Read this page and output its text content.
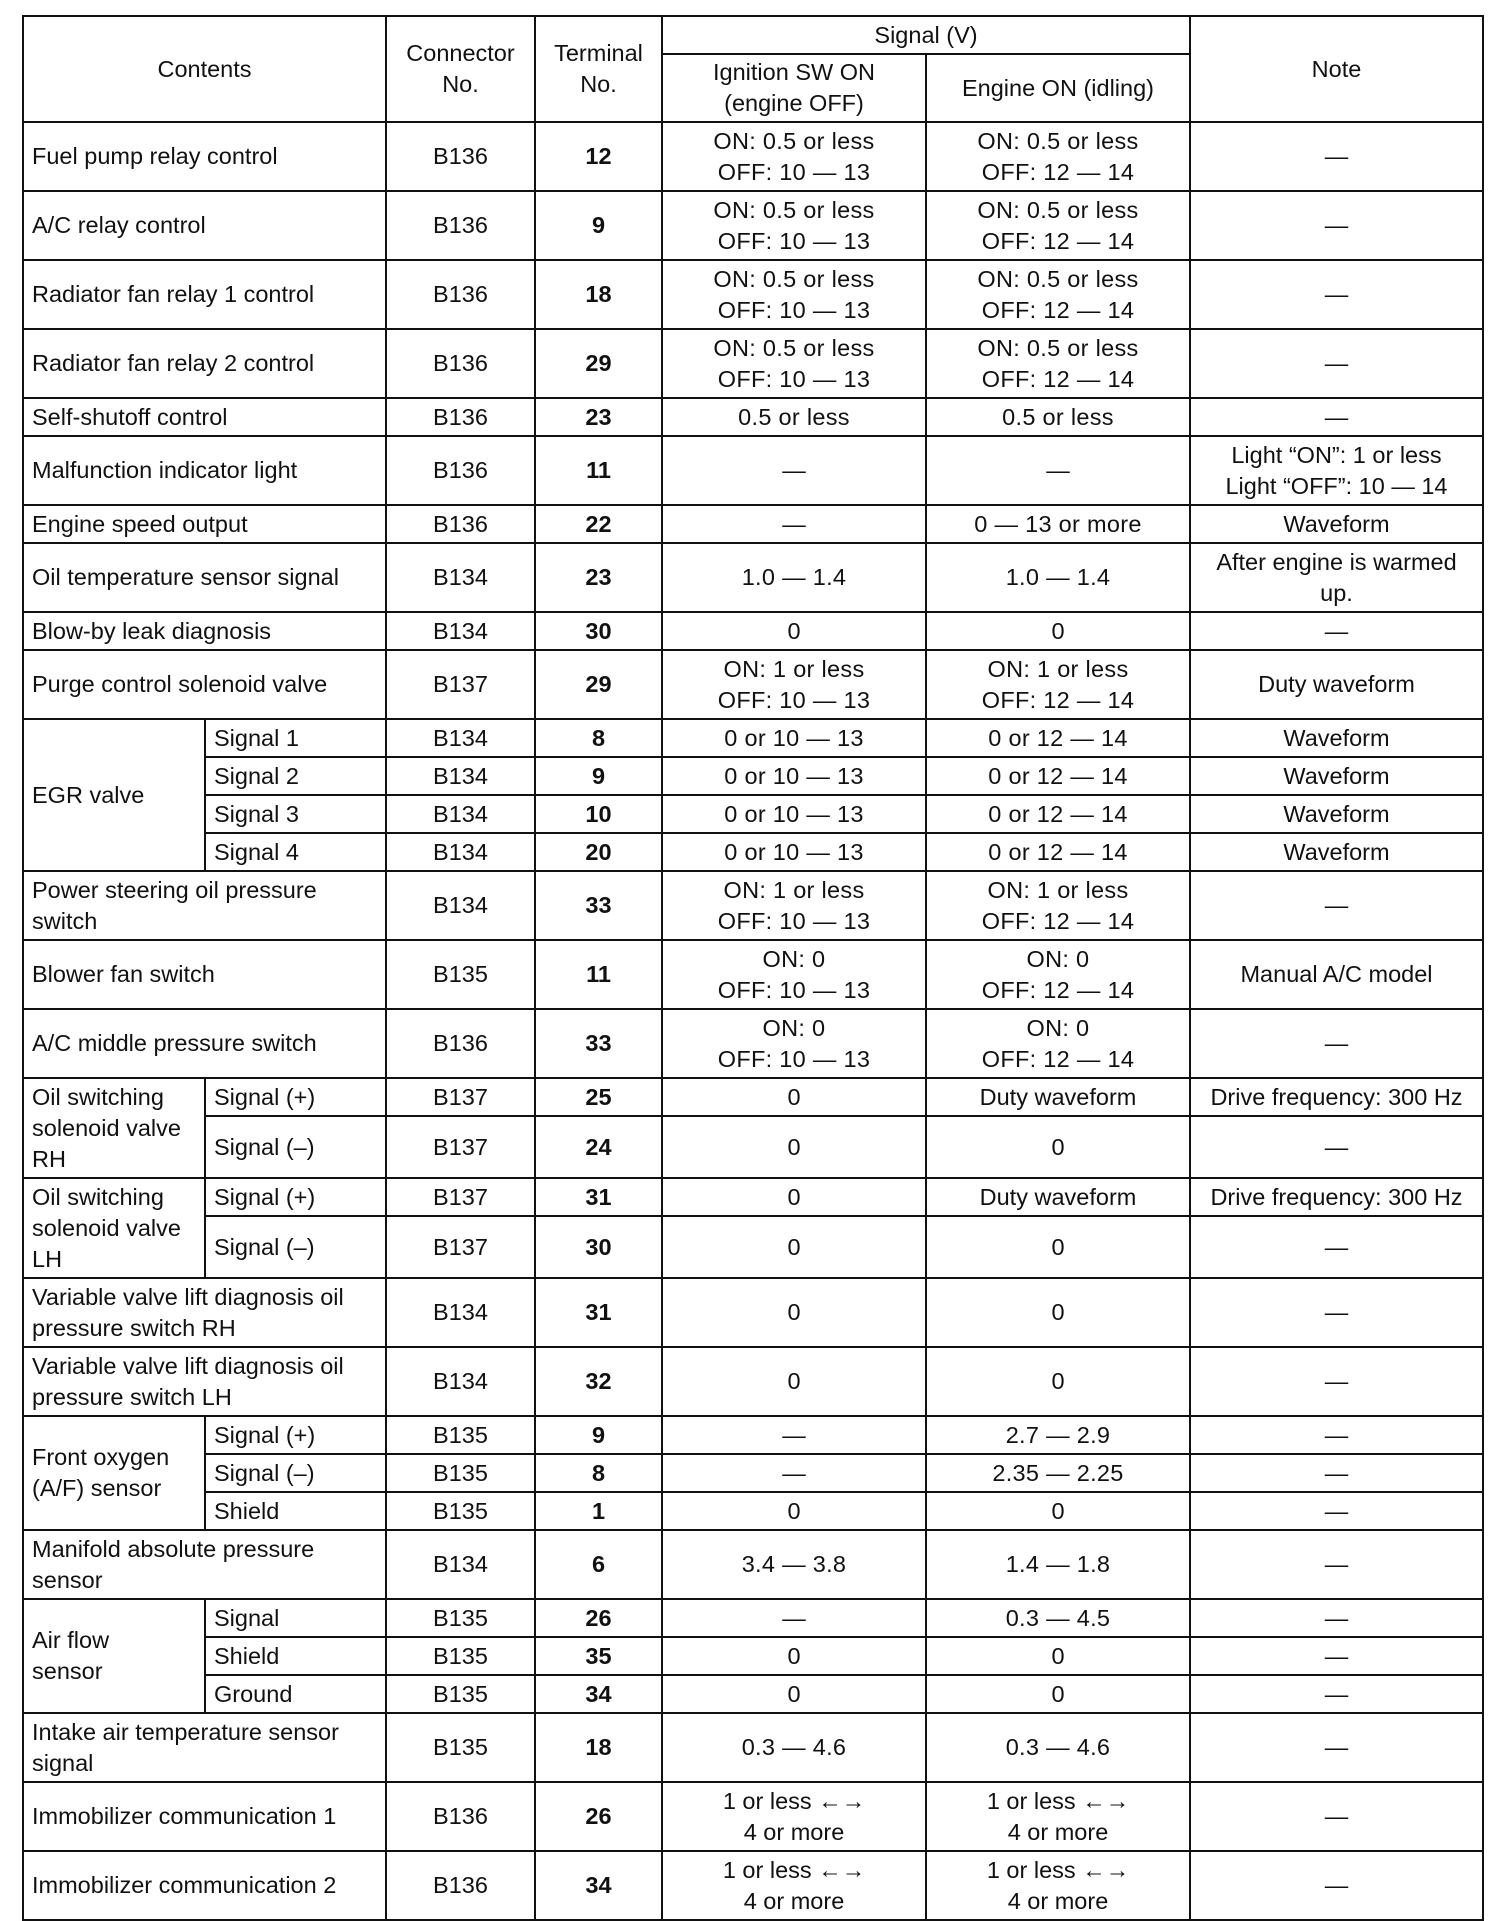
Contents		Connector No.	Terminal No.	Signal (V)		Note
				Ignition SW ON (engine OFF)	Engine ON (idling)	
Fuel pump relay control		B136	12	ON: 0.5 or less
OFF: 10 — 13	ON: 0.5 or less
OFF: 12 — 14	—
A/C relay control		B136	9	ON: 0.5 or less
OFF: 10 — 13	ON: 0.5 or less
OFF: 12 — 14	—
Radiator fan relay 1 control		B136	18	ON: 0.5 or less
OFF: 10 — 13	ON: 0.5 or less
OFF: 12 — 14	—
Radiator fan relay 2 control		B136	29	ON: 0.5 or less
OFF: 10 — 13	ON: 0.5 or less
OFF: 12 — 14	—
Self-shutoff control		B136	23	0.5 or less	0.5 or less	—
Malfunction indicator light		B136	11	—	—	Light “ON”: 1 or less
Light “OFF”: 10 — 14
Engine speed output		B136	22	—	0 — 13 or more	Waveform
Oil temperature sensor signal		B134	23	1.0 — 1.4	1.0 — 1.4	After engine is warmed
up.
Blow-by leak diagnosis		B134	30	0	0	—
Purge control solenoid valve		B137	29	ON: 1 or less
OFF: 10 — 13	ON: 1 or less
OFF: 12 — 14	Duty waveform
EGR valve	Signal 1	B134	8	0 or 10 — 13	0 or 12 — 14	Waveform
	Signal 2	B134	9	0 or 10 — 13	0 or 12 — 14	Waveform
	Signal 3	B134	10	0 or 10 — 13	0 or 12 — 14	Waveform
	Signal 4	B134	20	0 or 10 — 13	0 or 12 — 14	Waveform
Power steering oil pressure
switch		B134	33	ON: 1 or less
OFF: 10 — 13	ON: 1 or less
OFF: 12 — 14	—
Blower fan switch		B135	11	ON: 0
OFF: 10 — 13	ON: 0
OFF: 12 — 14	Manual A/C model
A/C middle pressure switch		B136	33	ON: 0
OFF: 10 — 13	ON: 0
OFF: 12 — 14	—
Oil switching
solenoid valve
RH	Signal (+)	B137	25	0	Duty waveform	Drive frequency: 300 Hz
	Signal (–)	B137	24	0	0	—
Oil switching
solenoid valve
LH	Signal (+)	B137	31	0	Duty waveform	Drive frequency: 300 Hz
	Signal (–)	B137	30	0	0	—
Variable valve lift diagnosis oil
pressure switch RH		B134	31	0	0	—
Variable valve lift diagnosis oil
pressure switch LH		B134	32	0	0	—
Front oxygen
(A/F) sensor	Signal (+)	B135	9	—	2.7 — 2.9	—
	Signal (–)	B135	8	—	2.35 — 2.25	—
	Shield	B135	1	0	0	—
Manifold absolute pressure
sensor		B134	6	3.4 — 3.8	1.4 — 1.8	—
Air flow
sensor	Signal	B135	26	—	0.3 — 4.5	—
	Shield	B135	35	0	0	—
	Ground	B135	34	0	0	—
Intake air temperature sensor
signal		B135	18	0.3 — 4.6	0.3 — 4.6	—
Immobilizer communication 1		B136	26	1 or less ←→
4 or more	1 or less ←→
4 or more	—
Immobilizer communication 2		B136	34	1 or less ←→
4 or more	1 or less ←→
4 or more	—
